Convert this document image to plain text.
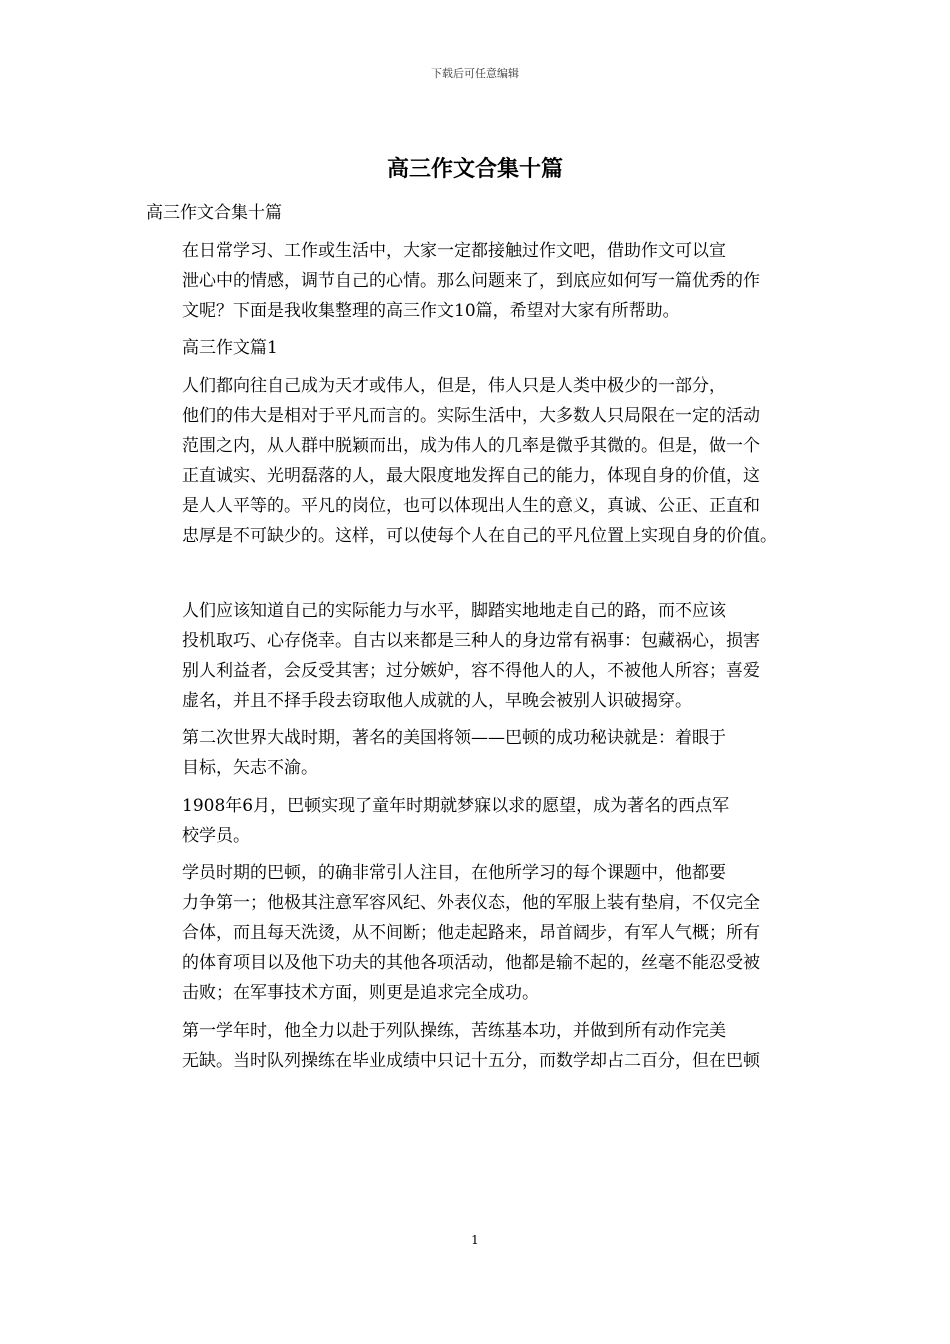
下载后可任意编辑
高三作文合集十篇

高三作文合集十篇

在日常学习、工作或生活中，大家一定都接触过作文吧，借助作文可以宣
泄心中的情感，调节自己的心情。那么问题来了，到底应如何写一篇优秀的作
文呢？下面是我收集整理的高三作文10篇，希望对大家有所帮助。

高三作文篇1

人们都向往自己成为天才或伟人，但是，伟人只是人类中极少的一部分，
他们的伟大是相对于平凡而言的。实际生活中，大多数人只局限在一定的活动
范围之内，从人群中脱颖而出，成为伟人的几率是微乎其微的。但是，做一个
正直诚实、光明磊落的人，最大限度地发挥自己的能力，体现自身的价值，这
是人人平等的。平凡的岗位，也可以体现出人生的意义，真诚、公正、正直和
忠厚是不可缺少的。这样，可以使每个人在自己的平凡位置上实现自身的价值。

人们应该知道自己的实际能力与水平，脚踏实地地走自己的路，而不应该
投机取巧、心存侥幸。自古以来都是三种人的身边常有祸事：包藏祸心，损害
别人利益者，会反受其害；过分嫉妒，容不得他人的人，不被他人所容；喜爱
虚名，并且不择手段去窃取他人成就的人，早晚会被别人识破揭穿。

第二次世界大战时期，著名的美国将领——巴顿的成功秘诀就是：着眼于
目标，矢志不渝。

1908年6月，巴顿实现了童年时期就梦寐以求的愿望，成为著名的西点军
校学员。

学员时期的巴顿，的确非常引人注目，在他所学习的每个课题中，他都要
力争第一；他极其注意军容风纪、外表仪态，他的军服上装有垫肩，不仅完全
合体，而且每天洗烫，从不间断；他走起路来，昂首阔步，有军人气概；所有
的体育项目以及他下功夫的其他各项活动，他都是输不起的，丝毫不能忍受被
击败；在军事技术方面，则更是追求完全成功。

第一学年时，他全力以赴于列队操练，苦练基本功，并做到所有动作完美
无缺。当时队列操练在毕业成绩中只记十五分，而数学却占二百分，但在巴顿

1
